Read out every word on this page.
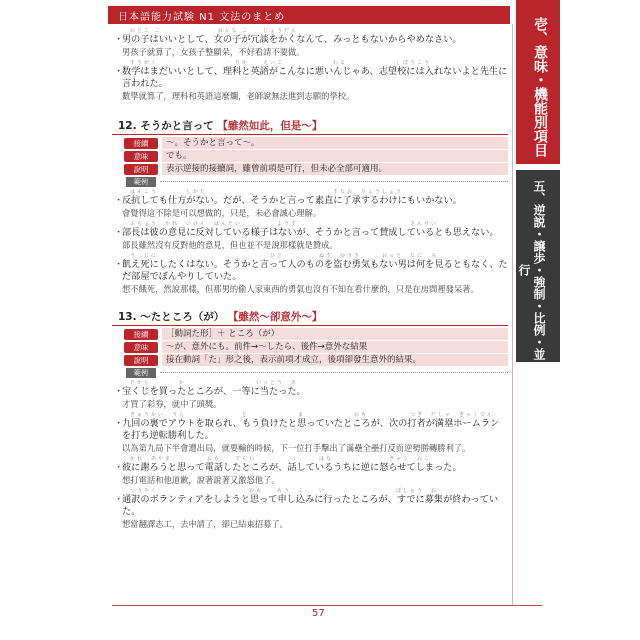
日本語能力試験 N1 文法のまとめ	壱、意味・機能別項目
五、逆説・譲歩・強制・比例・並行
おとこ こ　　　　　　　　おんな こ　　じょうだん
・
男の子はいいとして、女の子が冗談をかくなんて、みっともないからやめなさい。
男孩子就算了，女孩子整顯朵，不好看請不要做。
すうがく　　　　　　　　　　　りか　　えいご　　　　　　　わる　　　　　　　しぼうこう
・
数学はまだいいとして、理科と英語がこんなに悪いんじゃあ、志望校には入れないよと先生に言われた。
數學就算了，理科和英語這麼爛，老師說無法進到志願的學校。
12. そうかと言って 【雖然如此，但是～】
接續	～。そうかと言って～。
意味	でも。
說明	表示逆接的接續詞，雖曾前項是可行，但未必全部可適用。
範例
はんこう　　　　しかた　　　　　　　　　　　　　　　　　　すなお　りょうしょう
・
反抗しても仕方がない。だが、そうかと言って素直に了承するわけにもいかない。
會覺得這不除是可以想做的，只是，未必會誠心理解。
ぶちょう　かれ　いけん　はんたい　　　　　ようす　　　　　　　　　　　　　　　　さんせい
・
部長は彼の意見に反対している様子はないが、そうかと言って賛成しているとも思えない。
部長雖然沒有反對他的意見，但也並不是說那樣就是贊成。
う　じに　　　　　　　　　　　　　　　　ひと　　　　　ぬす　ゆうき　　　おっと　なに　み
・
飢え死にしたくはない。そうかと言って人のものを盗む勇気もない男は何を見るともなく、ただ部屋でぼんやりしていた。
想不餓死，然說那樣，但那男的偷人家東西的勇氣也沒有不知在看什麼的，只是在房間裡發呆著。
13. ～たところ（が） 【雖然～卻意外～】
接續	［動詞た形］＋ ところ（が）
意味	～が、意外にも。前件→～したら、後件→意外な結果
說明	接在動詞「た」形之後，表示前項才成立，後項卻發生意外的結果。
範例
たから　　　　か　　　　　　　　　　いっとう　あ
・
宝くじを買ったところが、一等に当たった。
才買了彩券，就中了頭獎。
きゅうかい　うら　　　　　　　　と　　　　　　　ま　　　　　　　おも　　　　　　つぎ　だしゃ　ぎゃくてん
・
九回の裏でアウトを取られ、もう負けたと思っていたところが、次の打者が満塁ホームランを打ち逆転勝利した。
以為第九局下半會遭出局，就要輸的時候，下一位打手擊出了滿壘全壘打反而逆勢勝轉勝利了。
かれ　あやま　　　　　おも　　でんわ　　　　　　　　　はな　　　　　　　　ぎゃく　おこ
・
彼に謝ろうと思って電話したところが、話しているうちに逆に怒らせてしまった。
想打電話和他道歉，說著說著又激怒他了。
つうやく　　　　　　　　　　　　　おも　　もう　こ　　い　　　　　　　　　　ぼしゅう　お
・
通訳のボランティアをしようと思って申し込みに行ったところが、すでに募集が終わっていた。
想當翻譯志工，去申請了，卻已結束招募了。
57
